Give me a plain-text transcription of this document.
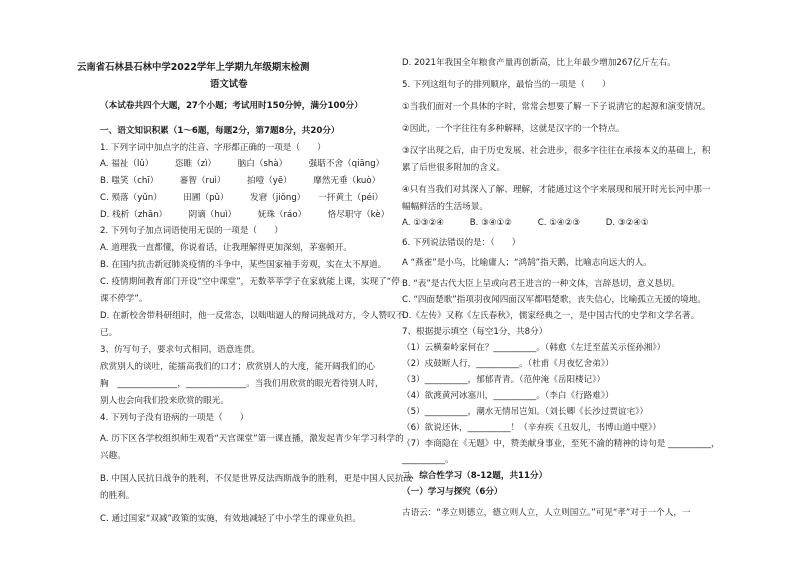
云南省石林县石林中学2022学年上学期九年级期末检测
语文试卷
（本试卷共四个大题，27个小题；考试用时150分钟，满分100分）
一、语文知识积累（1～6题，每题2分，第7题8分，共20分）
1. 下列字词中加点字的注音、字形都正确的一项是（　　）
A. 福祉（lǔ）　　　恣睢（zì）　　　脑白（shà）　　　强聒不舍（qiāng）
B. 嗤笑（chī）　　　審智（ruì）　　　拍噎（yē）　　　靡然无垂（kuò）
C. 殒落（yǔn）　　　田圃（pǔ）　　　发窘（jiǒng）　　一抔黄土（péi）
D. 栈析（zhān）　　　阴谪（huì）　　　妩珠（ráo）　　　恪尽职守（kè）
2. 下列句子加点词语使用无误的一项是（　　）
A. 道理我一直都懂，你说着话，让我理解得更加深刻，茅塞顿开。
B. 在国内抗击新冠肺炎疫情的斗争中，某些国家袖手旁观，实在太不厚道。
C. 疫情期间教育部门开设“空中课堂”，无数莘莘学子在家就能上课，实现了“停
课不停学”。
D. 在新校舍带科研组时，他一反常态，以咄咄逼人的辩词挑战对方，令人赞叹不
已。
3、仿写句子，要求句式相同，语意连贯。
欣赏别人的谈吐，能擂高我们的口才；欣赏别人的大度，能开阔我们的心
胸　______________，______________。当我们用欣赏的眼光看待别人时，
别人也会向我们投来欣赏的眼光。
4. 下列句子没有语病的一项是（　　）
A. 历下区各学校组织师生观看“天宫课堂”第一课直播，激发起青少年学习科学的
兴趣。
B. 中国人民抗日战争的胜利，不仅是世界反法西斯战争的胜利，更是中国人民抗战
的胜利。
C. 通过国家“双减”政策的实施，有效地减轻了中小学生的课业负担。
D. 2021年我国全年粮食产量再创新高，比上年最少增加267亿斤左右。
5. 下列这组句子的排列顺序，最恰当的一项是（　　）
①当我们面对一个具体的字时，常常会想要了解一下子说清它的起源和演变情况。
②因此，一个字往往有多种解释，这就是汉字的一个特点。
③汉字出现之后，由于历史发展、社会进步，很多字往往在承接本义的基础上，积
累了后世很多附加的含义。
④只有当我们对其深入了解、理解，才能通过这个字来展现和展开时光长河中那一
幅幅鲜活的生活场景。
A. ①③②④　　　B. ③④①②　　　C. ①④②③　　　D. ③②④①
6. 下列说法错误的是：（　　）
A “燕雀”是小鸟，比喻庸人；“鸿鹄”指天鹅，比喻志向远大的人。
B. “表”是古代大臣上呈或向君王进言的一种文体，言辞恳切，意义恳切。
C. “四面楚歌”指项羽夜闻四面汉军都唱楚歌，丧失信心，比喻孤立无援的境地。
D.《左传》又称《左氏春秋》，儒家经典之一，是中国古代的史学和文学名著。
7、根据提示填空（每空1分，共8分）
（1）云横秦岭家何在？__________。（韩愈《左迁至蓝关示侄孙湘》）
（2）戍鼓断人行，__________。（杜甫《月夜忆舍弟》）
（3）__________，郁郁青青。（范仲淹《岳阳楼记》）
（4）欲渡黄河冰塞川，__________。（李白《行路难》）
（5）__________，潮水无情吊岂知。（刘长卿《长沙过贾谊宅》）
（6）欲说还休，__________！（辛弃疾《丑奴儿，书博山道中壁》）
（7）李商隐在《无题》中，赞美献身事业，至死不渝的精神的诗句是 __________，
__________。
二、综合性学习（8-12题，共11分）
（一）学习与探究（6分）
古语云：“孝立则德立，德立则人立，人立则国立。”可见“孝”对于一个人，一
